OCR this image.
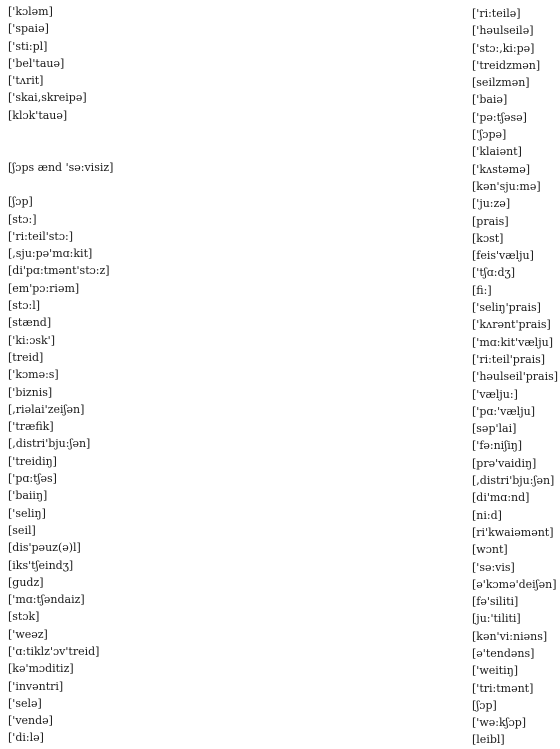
['kɔləm]
['spaiə]
['sti:pl]
['bel'tauə]
['tʌrit]
['skai,skreipə]
[klɔk'tauə]
[ʃɔps ænd 'sə:visiz]
[ʃɔp]
[stɔ:]
['ri:teil'stɔ:]
[,sju:pə'mɑ:kit]
[di'pɑ:tmənt'stɔ:z]
[em'pɔ:riəm]
[stɔ:l]
[stænd]
['ki:ɔsk']
[treid]
['kɔmə:s]
['biznis]
[,riəlai'zeiʃən]
['træfik]
[,distri'bju:ʃən]
['treidiŋ]
['pɑ:tʃəs]
['baiiŋ]
['seliŋ]
[seil]
[dis'pəuz(ə)l]
[iks'tʃeindʒ]
[gudz]
['mɑ:tʃəndaiz]
[stɔk]
['weəz]
['ɑ:tiklz'ɔv'treid]
[kə'mɔditiz]
['invəntri]
['selə]
['vendə]
['di:lə]
['ri:teilə]
['həulseilə]
['stɔ:,ki:pə]
['treidzmən]
[seilzmən]
['baiə]
['pə:tʃəsə]
['ʃɔpə]
['klaiənt]
['kʌstəmə]
[kən'sju:mə]
['ju:zə]
[prais]
[kɔst]
[feis'vælju]
['tʃɑ:dʒ]
[fi:]
['seliŋ'prais]
['kʌrənt'prais]
['mɑ:kit'vælju]
['ri:teil'prais]
['həulseil'prais]
['vælju:]
['pɑ:'vælju]
[səp'lai]
['fə:niʃiŋ]
[prə'vaidiŋ]
[,distri'bju:ʃən]
[di'mɑ:nd]
[ni:d]
[ri'kwaiəmənt]
[wɔnt]
['sə:vis]
[ə'kɔmə'deiʃən]
[fə'siliti]
[ju:'tiliti]
[kən'vi:niəns]
[ə'tendəns]
['weitiŋ]
['tri:tmənt]
[ʃɔp]
['wə:kʃɔp]
[leibl]
